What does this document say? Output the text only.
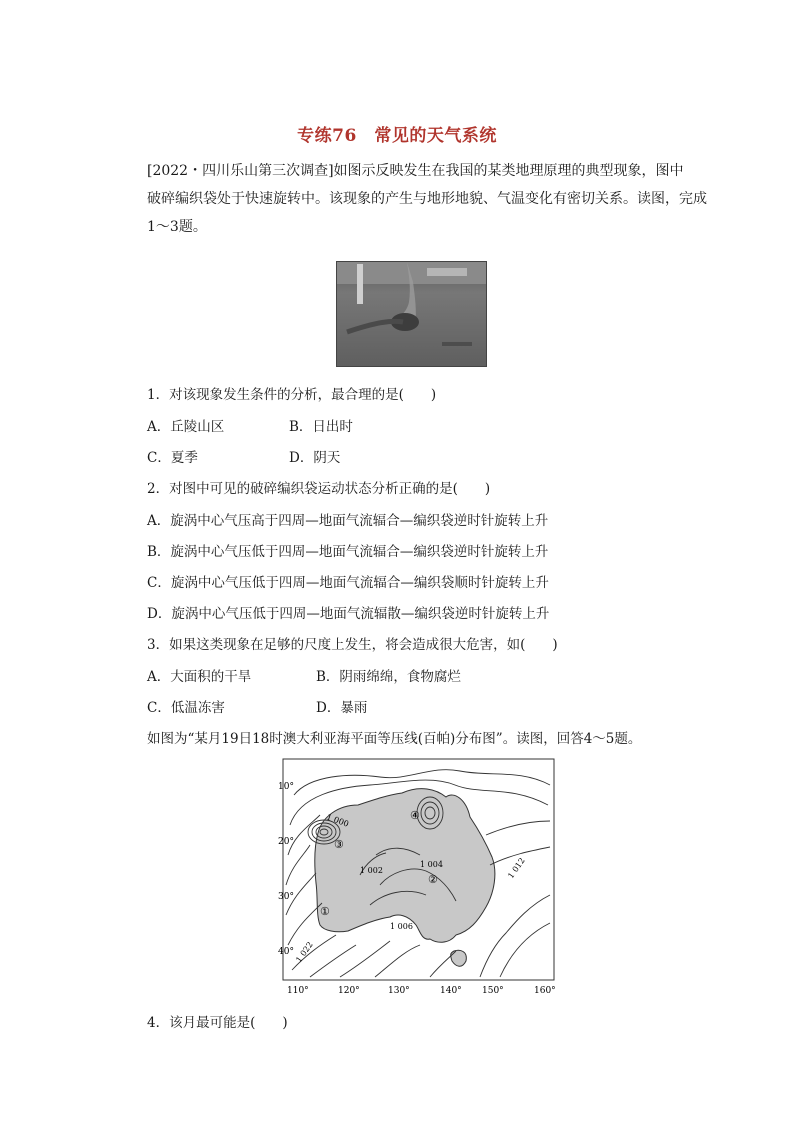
专练76　常见的天气系统
[2022・四川乐山第三次调查]如图示反映发生在我国的某类地理原理的典型现象，图中
破碎编织袋处于快速旋转中。该现象的产生与地形地貌、气温变化有密切关系。读图，完成
1～3题。
1．对该现象发生条件的分析，最合理的是(　　)
A．丘陵山区	B．日出时
C．夏季	D．阴天
2．对图中可见的破碎编织袋运动状态分析正确的是(　　)
A．旋涡中心气压高于四周—地面气流辐合—编织袋逆时针旋转上升
B．旋涡中心气压低于四周—地面气流辐合—编织袋逆时针旋转上升
C．旋涡中心气压低于四周—地面气流辐合—编织袋顺时针旋转上升
D．旋涡中心气压低于四周—地面气流辐散—编织袋逆时针旋转上升
3．如果这类现象在足够的尺度上发生，将会造成很大危害，如(　　)
A．大面积的干旱	B．阴雨绵绵，食物腐烂
C．低温冻害	D．暴雨
如图为“某月19日18时澳大利亚海平面等压线(百帕)分布图”。读图，回答4～5题。
10°
20°
30°
40°
110°	120°	130°	140° 150°	160°
1 000
1 004
1 002
1 006
1 012
1 022
①
②
③
④
4．该月最可能是(　　)
